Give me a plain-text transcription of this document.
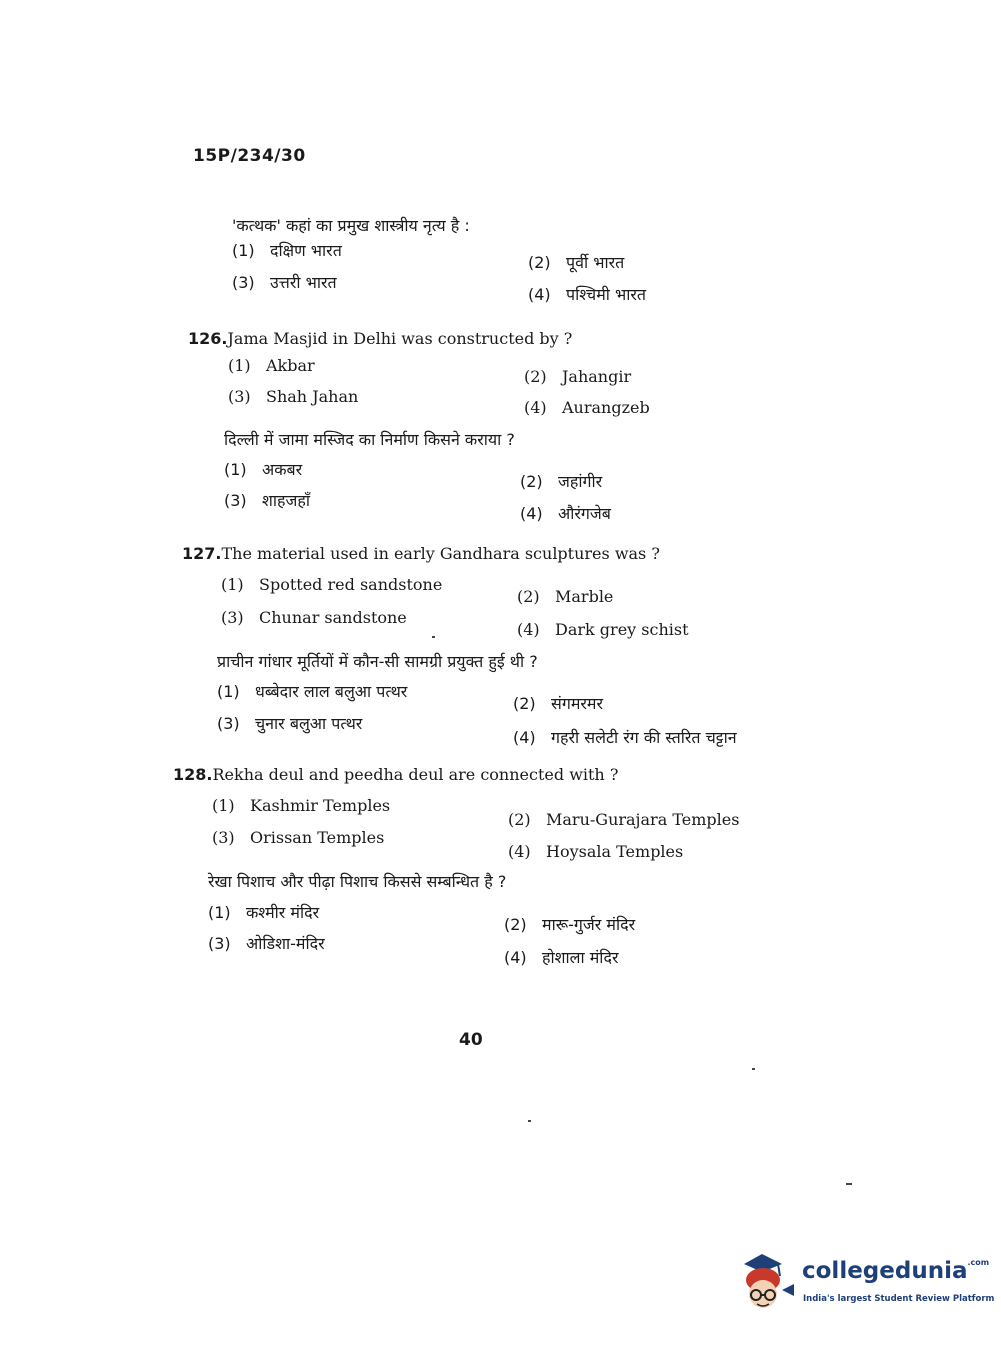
15P/234/30
'कत्थक' कहां का प्रमुख शास्त्रीय नृत्य है :
(1) दक्षिण भारत
(2) पूर्वी भारत
(3) उत्तरी भारत
(4) पश्चिमी भारत
126.Jama Masjid in Delhi was constructed by ?
(1) Akbar
(2) Jahangir
(3) Shah Jahan
(4) Aurangzeb
दिल्ली में जामा मस्जिद का निर्माण किसने कराया ?
(1) अकबर
(2) जहांगीर
(3) शाहजहाँ
(4) औरंगजेब
127.The material used in early Gandhara sculptures was ?
(1) Spotted red sandstone
(2) Marble
(3) Chunar sandstone
(4) Dark grey schist
प्राचीन गांधार मूर्तियों में कौन-सी सामग्री प्रयुक्त हुई थी ?
(1) धब्बेदार लाल बलुआ पत्थर
(2) संगमरमर
(3) चुनार बलुआ पत्थर
(4) गहरी सलेटी रंग की स्तरित चट्टान
128.Rekha deul and peedha deul are connected with ?
(1) Kashmir Temples
(2) Maru-Gurajara Temples
(3) Orissan Temples
(4) Hoysala Temples
रेखा पिशाच और पीढ़ा पिशाच किससे सम्बन्धित है ?
(1) कश्मीर मंदिर
(2) मारू-गुर्जर मंदिर
(3) ओडिशा-मंदिर
(4) होशाला मंदिर
40
collegedunia$^{.com}$
India's largest Student Review Platform
